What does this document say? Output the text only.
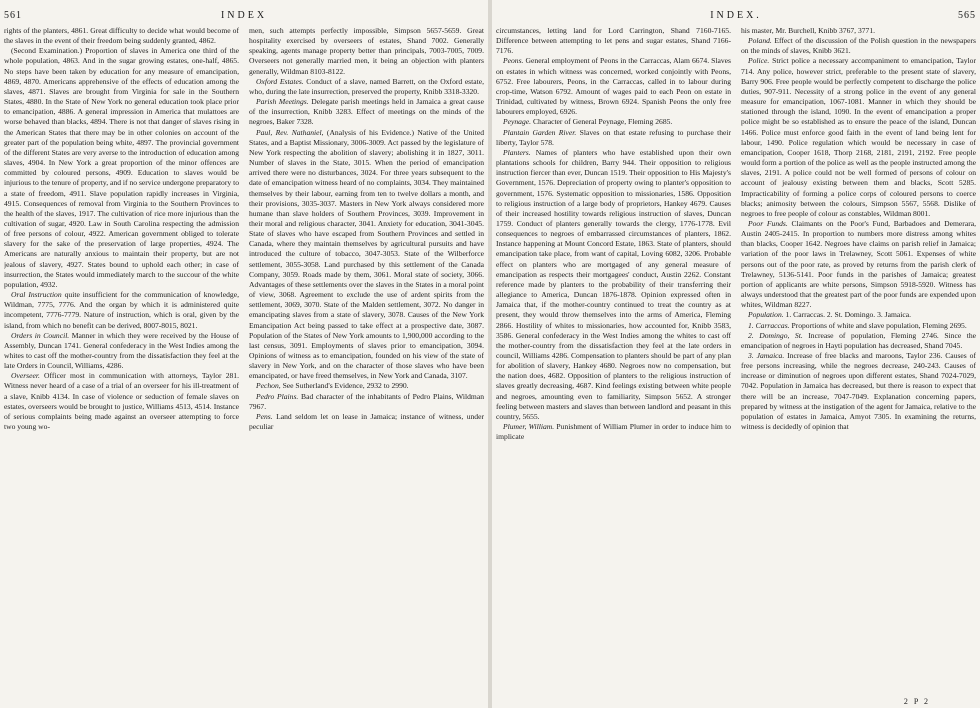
561	INDEX

rights of the planters, 4861. Great difficulty to decide what would become of the slaves in the event of their freedom being suddenly granted, 4862.

(Second Examination.) Proportion of slaves in America one third of the whole population, 4863. And in the sugar growing estates, one-half, 4865. No steps have been taken by education for any measure of emancipation, 4869, 4870. Americans apprehensive of the effects of education among the slaves, 4871. Slaves are brought from Virginia for sale in the Southern States, 4880. In the State of New York no general education took place prior to emancipation, 4886. A general impression in America that mulattoes are worse behaved than blacks, 4894. There is not that danger of slaves rising in the American States that there may be in other colonies on account of the greater part of the population being white, 4897. The provincial government of the different States are very averse to the introduction of education among slaves, 4904. In New York a great proportion of the minor offences are committed by coloured persons, 4909. Education to slaves would be injurious to the tenure of property, and if no service undergone preparatory to a state of freedom, 4911. Slave population rapidly increases in Virginia, 4915. Consequences of removal from Virginia to the Southern Provinces to the health of the slaves, 1917. The cultivation of rice more injurious than the cultivation of sugar, 4920. Law in South Carolina respecting the admission of free persons of colour, 4922. American government obliged to tolerate slavery for the sake of the preservation of large properties, 4924. The Americans are naturally anxious to maintain their property, but are not jealous of slavery, 4927. States bound to uphold each other; in case of insurrection, the States would immediately march to the succour of the white population, 4932.

Oral Instruction quite insufficient for the communication of knowledge, Wildman, 7775, 7776. And the organ by which it is administered quite incompetent, 7776-7779. Nature of instruction, which is oral, given by the island, from which no benefit can be derived, 8007-8015, 8021.

Orders in Council. Manner in which they were received by the House of Assembly, Duncan 1741. General confederacy in the West Indies among the whites to cast off the mother-country from the dissatisfaction they feel at the late Orders in Council, Williams, 4286.

Overseer. Officer most in communication with attorneys, Taylor 281. Witness never heard of a case of a trial of an overseer for his ill-treatment of a slave, Knibb 4134. In case of violence or seduction of female slaves on estates, overseers would be brought to justice, Williams 4513, 4514. Instance of serious complaints being made against an overseer attempting to force two young wo-

men, such attempts perfectly impossible, Simpson 5657-5659. Great hospitality exercised by overseers of estates, Shand 7002. Generally speaking, agents manage property better than principals, 7003-7005, 7009. Overseers not generally married men, it being an objection with planters generally, Wildman 8103-8122.

Oxford Estates. Conduct of a slave, named Barrett, on the Oxford estate, who, during the late insurrection, preserved the property, Knibb 3318-3320.

Parish Meetings. Delegate parish meetings held in Jamaica a great cause of the insurrection, Knibb 3283. Effect of meetings on the minds of the negroes, Baker 7328.

Paul, Rev. Nathaniel, (Analysis of his Evidence.) Native of the United States, and a Baptist Missionary, 3006-3009. Act passed by the legislature of New York respecting the abolition of slavery; abolishing it in 1827, 3011. Number of slaves in the State, 3015. When the period of emancipation arrived there were no disturbances, 3024. For three years subsequent to the date of emancipation witness heard of no complaints, 3034. They maintained themselves by their labour, earning from ten to twelve dollars a month, and their provisions, 3035-3037. Masters in New York always considered more humane than slave holders of Southern Provinces, 3039. Improvement in their moral and religious character, 3041. Anxiety for education, 3041-3045. State of slaves who have escaped from Southern Provinces and settled in Canada, where they maintain themselves by agricultural pursuits and have introduced the culture of tobacco, 3047-3053. State of the Wilberforce settlement, 3055-3058. Land purchased by this settlement of the Canada Company, 3059. Roads made by them, 3061. Moral state of society, 3066. Advantages of these settlements over the slaves in the States in a moral point of view, 3068. Agreement to exclude the use of ardent spirits from the settlement, 3069, 3070. State of the Malden settlement, 3072. No danger in emancipating slaves from a state of slavery, 3078. Causes of the New York Emancipation Act being passed to take effect at a prospective date, 3087. Population of the States of New York amounts to 1,900,000 according to the last census, 3091. Employments of slaves prior to emancipation, 3094. Opinions of witness as to emancipation, founded on his view of the state of slavery in New York, and on the character of those slaves who have been emancipated, or have freed themselves, in New York and Canada, 3107.

Pechon, See Sutherland's Evidence, 2932 to 2990.

Pedro Plains. Bad character of the inhabitants of Pedro Plains, Wildman 7967.

Pens. Land seldom let on lease in Jamaica; instance of witness, under peculiar

INDEX.	565

circumstances, letting land for Lord Carrington, Shand 7160-7165. Difference between attempting to let pens and sugar estates, Shand 7166-7176.

Peons. General employment of Peons in the Carraccas, Alam 6674. Slaves on estates in which witness was concerned, worked conjointly with Peons, 6752. Free labourers, Peons, in the Carraccas, called in to labour during crop-time, Watson 6792. Amount of wages paid to each Peon on estate in Trinidad, cultivated by witness, Brown 6924. Spanish Peons the only free labourers employed, 6926.

Peynage. Character of General Peynage, Fleming 2685.

Plantain Garden River. Slaves on that estate refusing to purchase their liberty, Taylor 578.

Planters. Names of planters who have established upon their own plantations schools for children, Barry 944. Their opposition to religious instruction fiercer than ever, Duncan 1519. Their opposition to His Majesty's Government, 1576. Depreciation of property owing to planter's opposition to government, 1576. Systematic opposition to missionaries, 1586. Opposition to religious instruction of a large body of proprietors, Hankey 4679. Causes of their increased hostility towards religious instruction of slaves, Duncan 1759. Conduct of planters generally towards the clergy, 1776-1778. Evil consequences to negroes of embarrassed circumstances of planters, 1862. Instance happening at Mount Concord Estate, 1863. State of planters, should emancipation take place, from want of capital, Loving 6082, 3206. Probable effect on planters who are mortgaged of any general measure of emancipation as respects their mortgagees' conduct, Austin 2262. Constant reference made by planters to the probability of their transferring their allegiance to America, Duncan 1876-1878. Opinion expressed often in Jamaica that, if the mother-country continued to treat the country as at present, they would throw themselves into the arms of America, Fleming 2866. Hostility of whites to missionaries, how accounted for, Knibb 3583, 3586. General confederacy in the West Indies among the whites to cast off the mother-country from the dissatisfaction they feel at the late orders in council, Williams 4286. Compensation to planters should be part of any plan for abolition of slavery, Hankey 4680. Negroes now no compensation, but the nation does, 4682. Opposition of planters to the religious instruction of slaves greatly decreasing, 4687. Kind feelings existing between white people and negroes, amounting even to familiarity, Simpson 5652. A stronger feeling between masters and slaves than between landlord and peasant in this country, 5655.

Plumer, William. Punishment of William Plumer in order to induce him to implicate

his master, Mr. Burchell, Knibb 3767, 3771.

Poland. Effect of the discussion of the Polish question in the newspapers on the minds of slaves, Knibb 3621.

Police. Strict police a necessary accompaniment to emancipation, Taylor 714. Any police, however strict, preferable to the present state of slavery, Barry 906. Free people would be perfectly competent to discharge the police duties, 907-911. Necessity of a strong police in the event of any general measure for emancipation, 1067-1081. Manner in which they should be stationed through the island, 1090. In the event of emancipation a proper police might be so established as to ensure the peace of the island, Duncan 1466. Police must enforce good faith in the event of land being lent for labour, 1490. Police regulation which would be necessary in case of emancipation, Cooper 1618, Thorp 2168, 2181, 2191, 2192. Free people would form a portion of the police as well as the people instructed among the slaves, 2191. A police could not be well formed of persons of colour on account of jealousy existing between them and blacks, Scott 5285. Impracticability of forming a police corps of coloured persons to coerce blacks; animosity between the colours, Simpson 5567, 5568. Dislike of negroes to free people of colour as constables, Wildman 8001.

Poor Funds. Claimants on the Poor's Fund, Barbadoes and Demerara, Austin 2405-2415. In proportion to numbers more distress among whites than blacks, Cooper 1642. Negroes have claims on parish relief in Jamaica; variation of the poor laws in Trelawney, Scott 5061. Expenses of white persons out of the poor rate, as proved by returns from the parish clerk of Trelawney, 5136-5141. Poor funds in the parishes of Jamaica; greatest portion of applicants are white persons, Simpson 5918-5920. Witness has always understood that the greatest part of the poor funds are expended upon whites, Wildman 8227.

Population. 1. Carraccas. 2. St. Domingo. 3. Jamaica.

1. Carraccas. Proportions of white and slave population, Fleming 2695.

2. Domingo, St. Increase of population, Fleming 2746. Since the emancipation of negroes in Hayti population has decreased, Shand 7045.

3. Jamaica. Increase of free blacks and maroons, Taylor 236. Causes of free persons increasing, while the negroes decrease, 240-243. Causes of increase or diminution of negroes upon different estates, Shand 7024-7029, 7042. Population in Jamaica has decreased, but there is reason to expect that there will be an increase, 7047-7049. Explanation concerning papers, prepared by witness at the instigation of the agent for Jamaica, relative to the population of estates in Jamaica, Amyot 7305. In examining the returns, witness is decidedly of opinion that

2 P 2
